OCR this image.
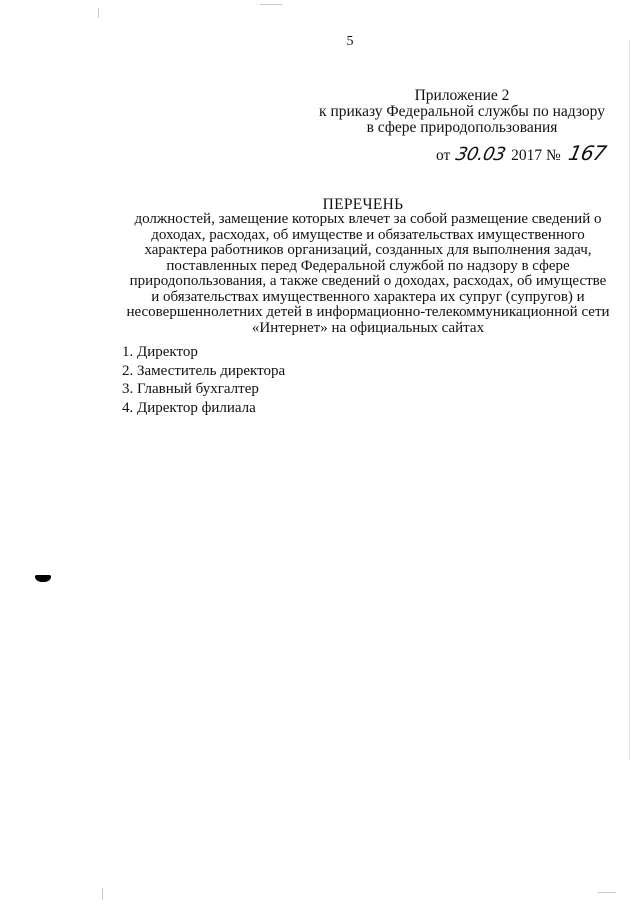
5
Приложение 2
к приказу Федеральной службы по надзору
в сфере природопользования
от 30.03 2017 № 167
ПЕРЕЧЕНЬ
должностей, замещение которых влечет за собой размещение сведений о
доходах, расходах, об имуществе и обязательствах имущественного
характера работников организаций, созданных для выполнения задач,
поставленных перед Федеральной службой по надзору в сфере
природопользования, а также сведений о доходах, расходах, об имуществе
и обязательствах имущественного характера их супруг (супругов) и
несовершеннолетних детей в информационно-телекоммуникационной сети
«Интернет» на официальных сайтах
1. Директор
2. Заместитель директора
3. Главный бухгалтер
4. Директор филиала
